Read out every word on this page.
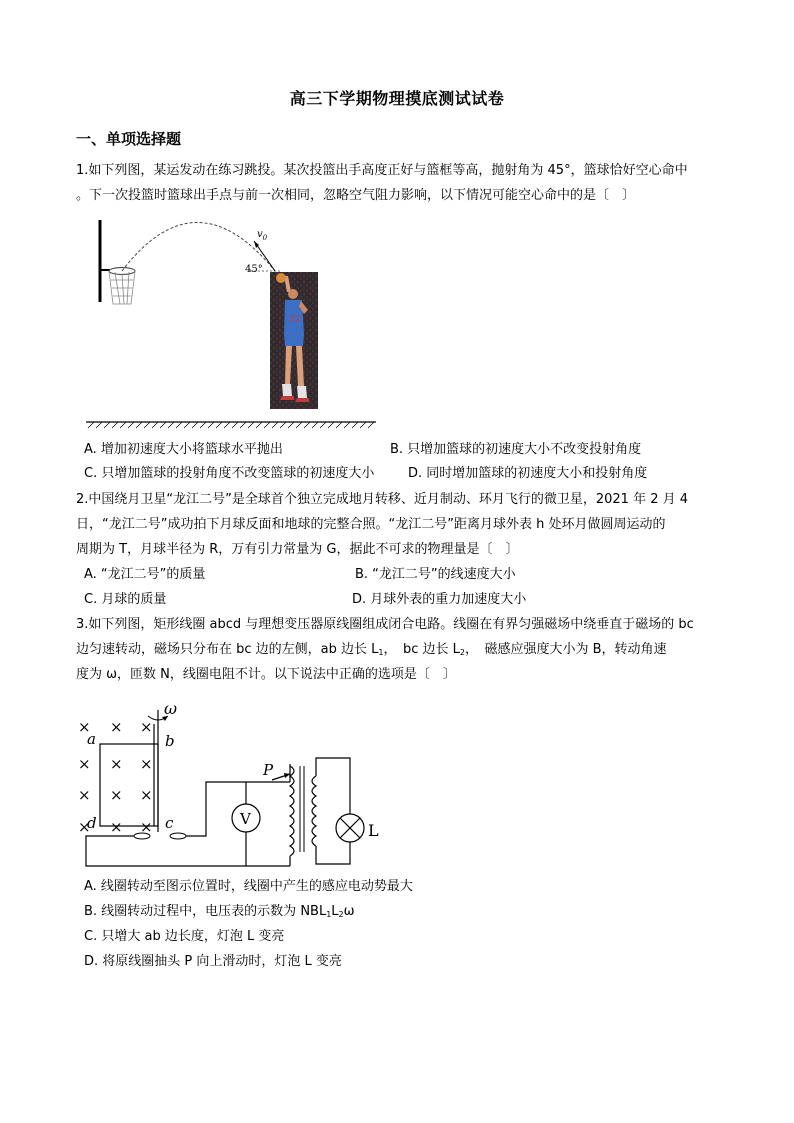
高三下学期物理摸底测试试卷
一、单项选择题
1.如下列图，某运发动在练习跳投。某次投篮出手高度正好与篮框等高，抛射角为 45°，篮球恰好空心命中
。下一次投篮时篮球出手点与前一次相同，忽略空气阻力影响，以下情况可能空心命中的是〔　〕
$v_0$
45°
32
A. 增加初速度大小将篮球水平抛出	B. 只增加篮球的初速度大小不改变投射角度
C. 只增加篮球的投射角度不改变篮球的初速度大小	D. 同时增加篮球的初速度大小和投射角度
2.中国绕月卫星“龙江二号”是全球首个独立完成地月转移、近月制动、环月飞行的微卫星，2021 年 2 月 4
日，“龙江二号”成功拍下月球反面和地球的完整合照。“龙江二号”距离月球外表 h 处环月做圆周运动的
周期为 T，月球半径为 R，万有引力常量为 G，据此不可求的物理量是〔　〕
A. “龙江二号”的质量	B. “龙江二号”的线速度大小
C. 月球的质量	D. 月球外表的重力加速度大小
3.如下列图，矩形线圈 abcd 与理想变压器原线圈组成闭合电路。线圈在有界匀强磁场中绕垂直于磁场的 bc
边匀速转动，磁场只分布在 bc 边的左侧，ab 边长 $L_1$，　bc 边长 $L_2$，　磁感应强度大小为 B，转动角速
度为 ω，匝数 N，线圈电阻不计。以下说法中正确的选项是〔　〕
× × ×
× × ×
× × ×
× × ×
ω
a	b
c
d	V
P
L
A. 线圈转动至图示位置时，线圈中产生的感应电动势最大
B. 线圈转动过程中，电压表的示数为 $NBL_1L_2\omega$
C. 只增大 ab 边长度，灯泡 L 变亮
D. 将原线圈抽头 P 向上滑动时，灯泡 L 变亮
